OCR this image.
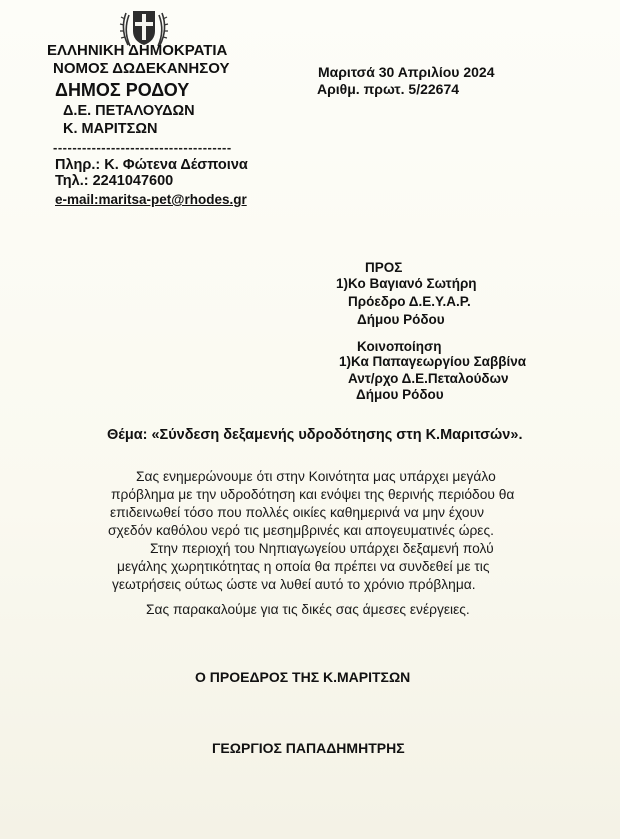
ΕΛΛΗΝΙΚΗ ΔΗΜΟΚΡΑΤΙΑ
ΝΟΜΟΣ ΔΩΔΕΚΑΝΗΣΟΥ
ΔΗΜΟΣ ΡΟΔΟΥ
Δ.Ε. ΠΕΤΑΛΟΥΔΩΝ
Κ. ΜΑΡΙΤΣΩΝ
-------------------------------------
Πληρ.: Κ. Φώτενα Δέσποινα
Τηλ.: 2241047600
e-mail:maritsa-pet@rhodes.gr
Μαριτσά 30 Απριλίου 2024
Αριθμ. πρωτ. 5/22674
ΠΡΟΣ
1)Κο Βαγιανό Σωτήρη
Πρόεδρο Δ.Ε.Υ.Α.Ρ.
Δήμου Ρόδου
Κοινοποίηση
1)Κα Παπαγεωργίου Σαββίνα
Αντ/ρχο Δ.Ε.Πεταλούδων
Δήμου Ρόδου
Θέμα: «Σύνδεση δεξαμενής υδροδότησης στη Κ.Μαριτσών».
Σας ενημερώνουμε ότι στην Κοινότητα μας υπάρχει μεγάλο
πρόβλημα με την υδροδότηση και ενόψει της θερινής περιόδου θα
επιδεινωθεί τόσο που πολλές οικίες καθημερινά να μην έχουν
σχεδόν καθόλου νερό τις μεσημβρινές και απογευματινές ώρες.
Στην περιοχή του Νηπιαγωγείου υπάρχει δεξαμενή πολύ
μεγάλης χωρητικότητας η οποία θα πρέπει να συνδεθεί με τις
γεωτρήσεις ούτως ώστε να λυθεί αυτό το χρόνιο πρόβλημα.
Σας παρακαλούμε για τις δικές σας άμεσες ενέργειες.
Ο ΠΡΟΕΔΡΟΣ ΤΗΣ Κ.ΜΑΡΙΤΣΩΝ
ΓΕΩΡΓΙΟΣ ΠΑΠΑΔΗΜΗΤΡΗΣ
